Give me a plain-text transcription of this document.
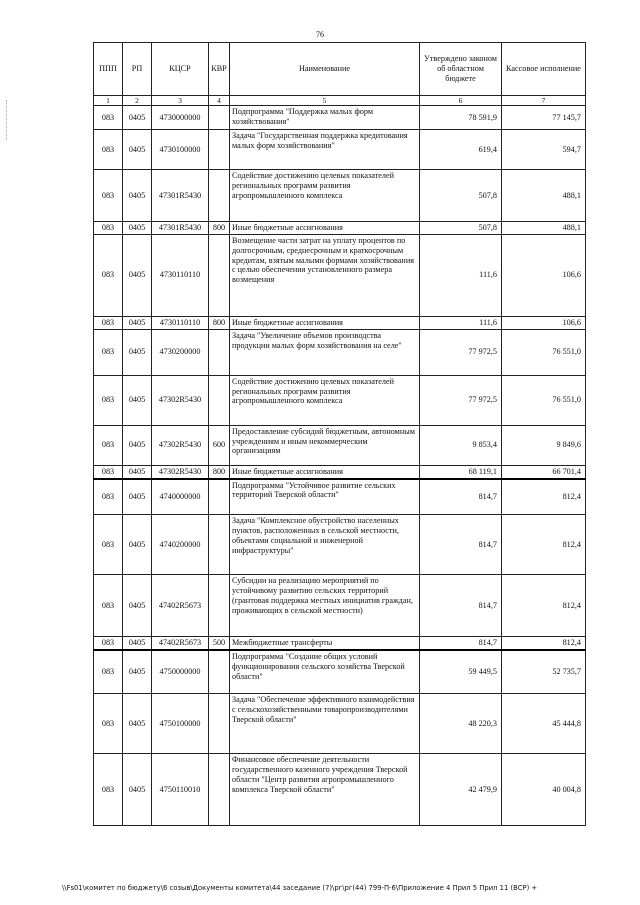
76
ППП	РП	КЦСР	КВР	Наименование	Утверждено законом об областном бюджете	Кассовое исполнение
1	2	3	4	5	6	7
083	0405	4730000000		Подпрограмма "Поддержка малых форм хозяйствования"	78 591,9	77 145,7
083	0405	4730100000		Задача "Государственная поддержка кредитования малых форм хозяйствования"	619,4	594,7
083	0405	47301R5430		Содействие достижению целевых показателей региональных программ развития агропромышленного комплекса	507,8	488,1
083	0405	47301R5430	800	Иные бюджетные ассигнования	507,8	488,1
083	0405	4730110110		Возмещение части затрат на уплату процентов по долгосрочным, среднесрочным и краткосрочным кредитам, взятым малыми формами хозяйствования с целью обеспечения установленного размера возмещения	111,6	106,6
083	0405	4730110110	800	Иные бюджетные ассигнования	111,6	106,6
083	0405	4730200000		Задача "Увеличение объемов производства продукции малых форм хозяйствования на селе"	77 972,5	76 551,0
083	0405	47302R5430		Содействие достижению целевых показателей региональных программ развития агропромышленного комплекса	77 972,5	76 551,0
083	0405	47302R5430	600	Предоставление субсидий бюджетным, автономным учреждениям и иным некоммерческим организациям	9 853,4	9 849,6
083	0405	47302R5430	800	Иные бюджетные ассигнования	68 119,1	66 701,4
083	0405	4740000000		Подпрограмма "Устойчивое развитие сельских территорий Тверской области"	814,7	812,4
083	0405	4740200000		Задача "Комплексное обустройство населенных пунктов, расположенных в сельской местности, объектами социальной и инженерной инфраструктуры"	814,7	812,4
083	0405	47402R5673		Субсидии на реализацию мероприятий по устойчивому развитию сельских территорий (грантовая поддержка местных инициатив граждан, проживающих в сельской местности)	814,7	812,4
083	0405	47402R5673	500	Межбюджетные трансферты	814,7	812,4
083	0405	4750000000		Подпрограмма "Создание общих условий функционирования сельского хозяйства Тверской области"	59 449,5	52 735,7
083	0405	4750100000		Задача "Обеспечение эффективного взаимодействия с сельскохозяйственными товаропроизводителями Тверской области"	48 220,3	45 444,8
083	0405	4750110010		Финансовое обеспечение деятельности государственного казенного учреждения Тверской области "Центр развития агропромышленного комплекса Тверской области"	42 479,9	40 004,8
\\Fs01\комитет по бюджету\6 созыв\Документы комитета\44 заседание (7)\рг\рг(44) 799-П-6\Приложение 4 Прил 5 Прил 11 (ВСР) +
